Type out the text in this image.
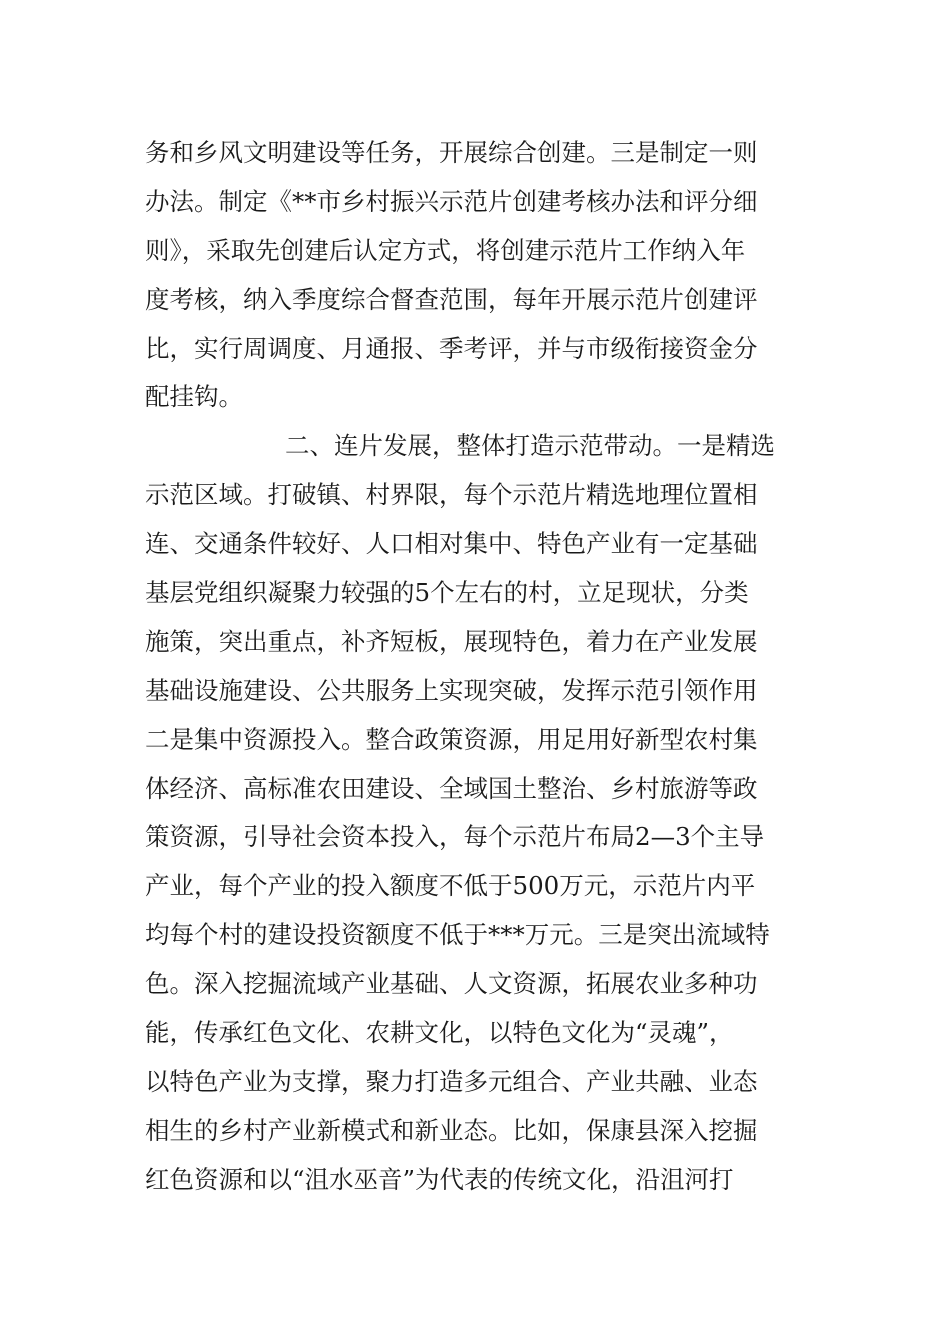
务和乡风文明建设等任务，开展综合创建。三是制定一则
办法。制定《**市乡村振兴示范片创建考核办法和评分细
则》，采取先创建后认定方式，将创建示范片工作纳入年
度考核，纳入季度综合督查范围，每年开展示范片创建评
比，实行周调度、月通报、季考评，并与市级衔接资金分
配挂钩。
二、连片发展，整体打造示范带动。一是精选
示范区域。打破镇、村界限，每个示范片精选地理位置相
连、交通条件较好、人口相对集中、特色产业有一定基础
基层党组织凝聚力较强的5个左右的村，立足现状，分类
施策，突出重点，补齐短板，展现特色，着力在产业发展
基础设施建设、公共服务上实现突破，发挥示范引领作用
二是集中资源投入。整合政策资源，用足用好新型农村集
体经济、高标准农田建设、全域国土整治、乡村旅游等政
策资源，引导社会资本投入，每个示范片布局2—3个主导
产业，每个产业的投入额度不低于500万元，示范片内平
均每个村的建设投资额度不低于***万元。三是突出流域特
色。深入挖掘流域产业基础、人文资源，拓展农业多种功
能，传承红色文化、农耕文化，以特色文化为“灵魂”，
以特色产业为支撑，聚力打造多元组合、产业共融、业态
相生的乡村产业新模式和新业态。比如，保康县深入挖掘
红色资源和以“沮水巫音”为代表的传统文化，沿沮河打
